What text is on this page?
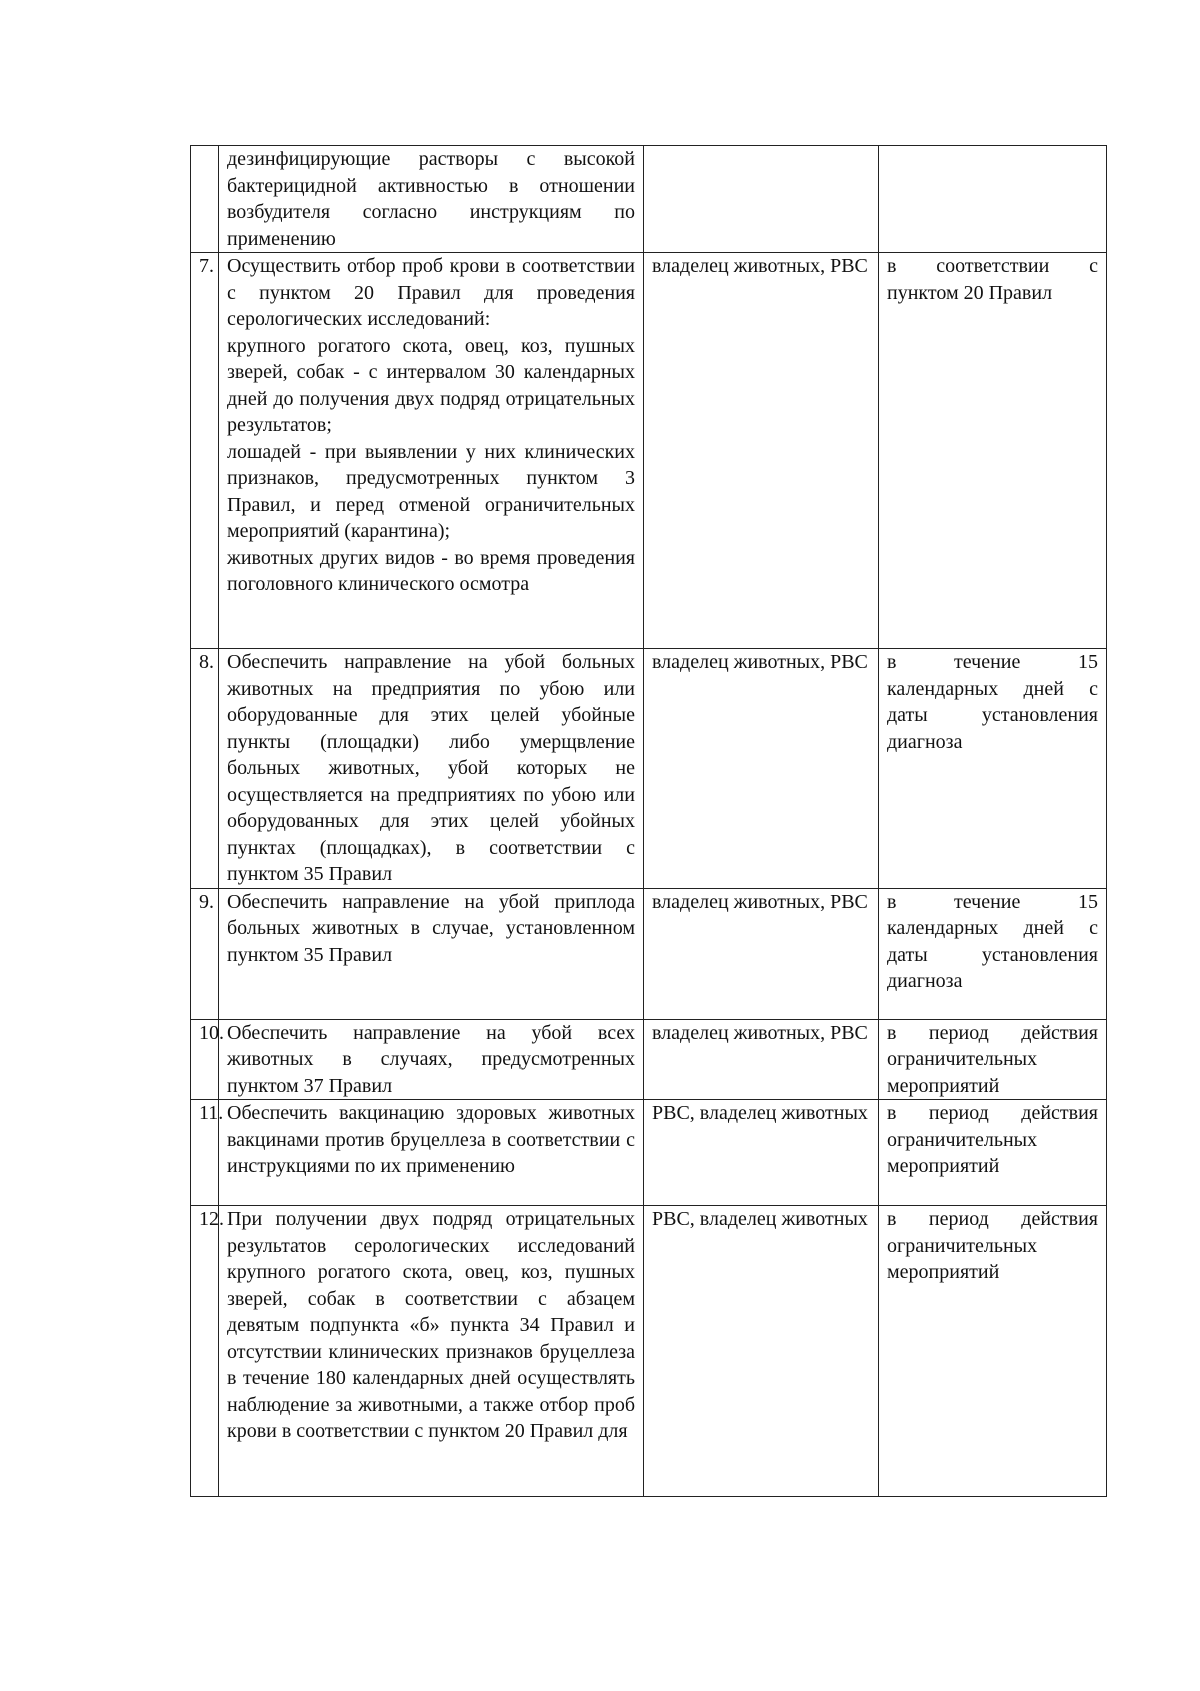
	дезинфицирующие растворы с высокой бактерицидной активностью в отношении возбудителя согласно инструкциям по применению		

7.	Осуществить отбор проб крови в соответствии с пунктом 20 Правил для проведения серологических исследований:
крупного рогатого скота, овец, коз, пушных зверей, собак - с интервалом 30 календарных дней до получения двух подряд отрицательных результатов;
лошадей - при выявлении у них клинических признаков, предусмотренных пунктом 3 Правил, и перед отменой ограничительных мероприятий (карантина);
животных других видов - во время проведения поголовного клинического осмотра	владелец животных, РВС	в соответствии с пунктом 20 Правил
8.	Обеспечить направление на убой больных животных на предприятия по убою или оборудованные для этих целей убойные пункты (площадки) либо умерщвление больных животных, убой которых не осуществляется на предприятиях по убою или оборудованных для этих целей убойных пунктах (площадках), в соответствии с пунктом 35 Правил	владелец животных, РВС	в течение 15 календарных дней с даты установления диагноза
9.	Обеспечить направление на убой приплода больных животных в случае, установленном пунктом 35 Правил	владелец животных, РВС	в течение 15 календарных дней с даты установления диагноза
10.	Обеспечить направление на убой всех животных в случаях, предусмотренных пунктом 37 Правил	владелец животных, РВС	в период действия ограничительных мероприятий
11.	Обеспечить вакцинацию здоровых животных вакцинами против бруцеллеза в соответствии с инструкциями по их применению	РВС, владелец животных	в период действия ограничительных мероприятий
12.	При получении двух подряд отрицательных результатов серологических исследований крупного рогатого скота, овец, коз, пушных зверей, собак в соответствии с абзацем девятым подпункта «б» пункта 34 Правил и отсутствии клинических признаков бруцеллеза в течение 180 календарных дней осуществлять наблюдение за животными, а также отбор проб крови в соответствии с пунктом 20 Правил для	РВС, владелец животных	в период действия ограничительных мероприятий
